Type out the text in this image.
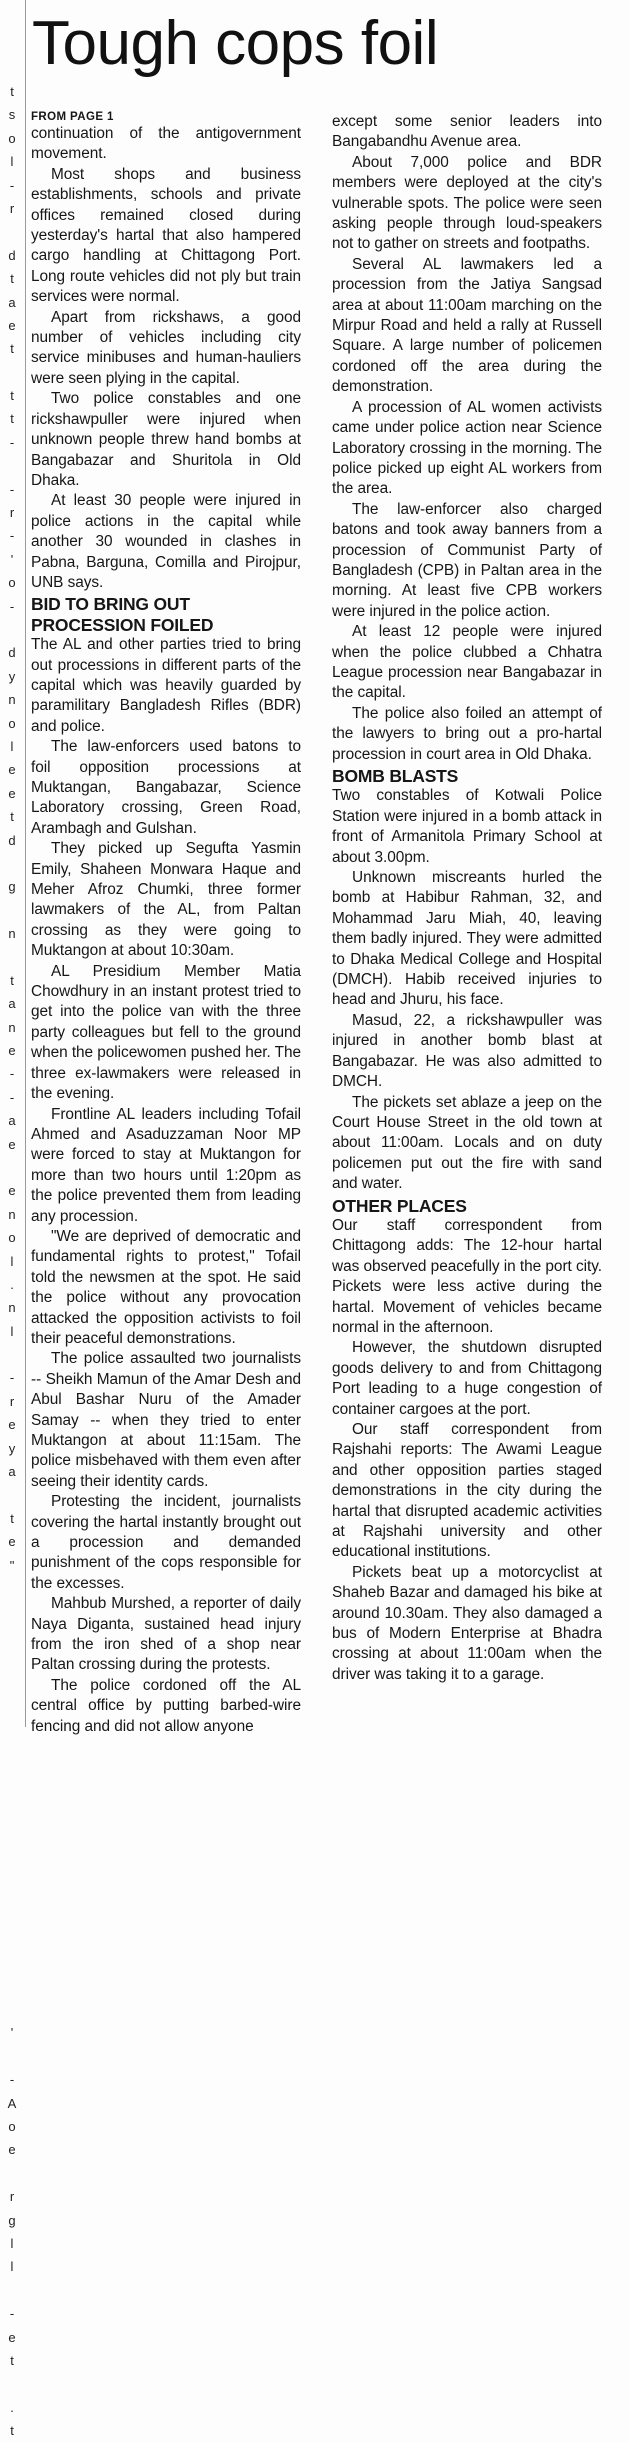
t
s
o
l
-
r
d
t
a
e
t
t
t
-
-
r
-
'
o
-
d
y
n
o
l
e
e
t
d
g
n
t
a
n
e
-
-
a
e
e
n
o
l
.
n
l
-
r
e
y
a
t
e
"
'
-
A
o
e
r
g
l
l
-
e
t
.
t
Tough cops foil
FROM PAGE 1

continuation of the antigovernment movement.

Most shops and business establishments, schools and private offices remained closed during yesterday's hartal that also hampered cargo handling at Chittagong Port. Long route vehicles did not ply but train services were normal.

Apart from rickshaws, a good number of vehicles including city service minibuses and human-hauliers were seen plying in the capital.

Two police constables and one rickshawpuller were injured when unknown people threw hand bombs at Bangabazar and Shuritola in Old Dhaka.

At least 30 people were injured in police actions in the capital while another 30 wounded in clashes in Pabna, Barguna, Comilla and Pirojpur, UNB says.

BID TO BRING OUT PROCESSION FOILED

The AL and other parties tried to bring out processions in different parts of the capital which was heavily guarded by paramilitary Bangladesh Rifles (BDR) and police.

The law-enforcers used batons to foil opposition processions at Muktangan, Bangabazar, Science Laboratory crossing, Green Road, Arambagh and Gulshan.

They picked up Segufta Yasmin Emily, Shaheen Monwara Haque and Meher Afroz Chumki, three former lawmakers of the AL, from Paltan crossing as they were going to Muktangon at about 10:30am.

AL Presidium Member Matia Chowdhury in an instant protest tried to get into the police van with the three party colleagues but fell to the ground when the policewomen pushed her. The three ex-lawmakers were released in the evening.

Frontline AL leaders including Tofail Ahmed and Asaduzzaman Noor MP were forced to stay at Muktangon for more than two hours until 1:20pm as the police prevented them from leading any procession.

"We are deprived of democratic and fundamental rights to protest," Tofail told the newsmen at the spot. He said the police without any provocation attacked the opposition activists to foil their peaceful demonstrations.

The police assaulted two journalists -- Sheikh Mamun of the Amar Desh and Abul Bashar Nuru of the Amader Samay -- when they tried to enter Muktangon at about 11:15am. The police misbehaved with them even after seeing their identity cards.

Protesting the incident, journalists covering the hartal instantly brought out a procession and demanded punishment of the cops responsible for the excesses.

Mahbub Murshed, a reporter of daily Naya Diganta, sustained head injury from the iron shed of a shop near Paltan crossing during the protests.

The police cordoned off the AL central office by putting barbed-wire fencing and did not allow anyone

except some senior leaders into Bangabandhu Avenue area.

About 7,000 police and BDR members were deployed at the city's vulnerable spots. The police were seen asking people through loud-speakers not to gather on streets and footpaths.

Several AL lawmakers led a procession from the Jatiya Sangsad area at about 11:00am marching on the Mirpur Road and held a rally at Russell Square. A large number of policemen cordoned off the area during the demonstration.

A procession of AL women activists came under police action near Science Laboratory crossing in the morning. The police picked up eight AL workers from the area.

The law-enforcer also charged batons and took away banners from a procession of Communist Party of Bangladesh (CPB) in Paltan area in the morning. At least five CPB workers were injured in the police action.

At least 12 people were injured when the police clubbed a Chhatra League procession near Bangabazar in the capital.

The police also foiled an attempt of the lawyers to bring out a pro-hartal procession in court area in Old Dhaka.

BOMB BLASTS

Two constables of Kotwali Police Station were injured in a bomb attack in front of Armanitola Primary School at about 3.00pm.

Unknown miscreants hurled the bomb at Habibur Rahman, 32, and Mohammad Jaru Miah, 40, leaving them badly injured. They were admitted to Dhaka Medical College and Hospital (DMCH). Habib received injuries to head and Jhuru, his face.

Masud, 22, a rickshawpuller was injured in another bomb blast at Bangabazar. He was also admitted to DMCH.

The pickets set ablaze a jeep on the Court House Street in the old town at about 11:00am. Locals and on duty policemen put out the fire with sand and water.

OTHER PLACES

Our staff correspondent from Chittagong adds: The 12-hour hartal was observed peacefully in the port city. Pickets were less active during the hartal. Movement of vehicles became normal in the afternoon.

However, the shutdown disrupted goods delivery to and from Chittagong Port leading to a huge congestion of container cargoes at the port.

Our staff correspondent from Rajshahi reports: The Awami League and other opposition parties staged demonstrations in the city during the hartal that disrupted academic activities at Rajshahi university and other educational institutions.

Pickets beat up a motorcyclist at Shaheb Bazar and damaged his bike at around 10.30am. They also damaged a bus of Modern Enterprise at Bhadra crossing at about 11:00am when the driver was taking it to a garage.
